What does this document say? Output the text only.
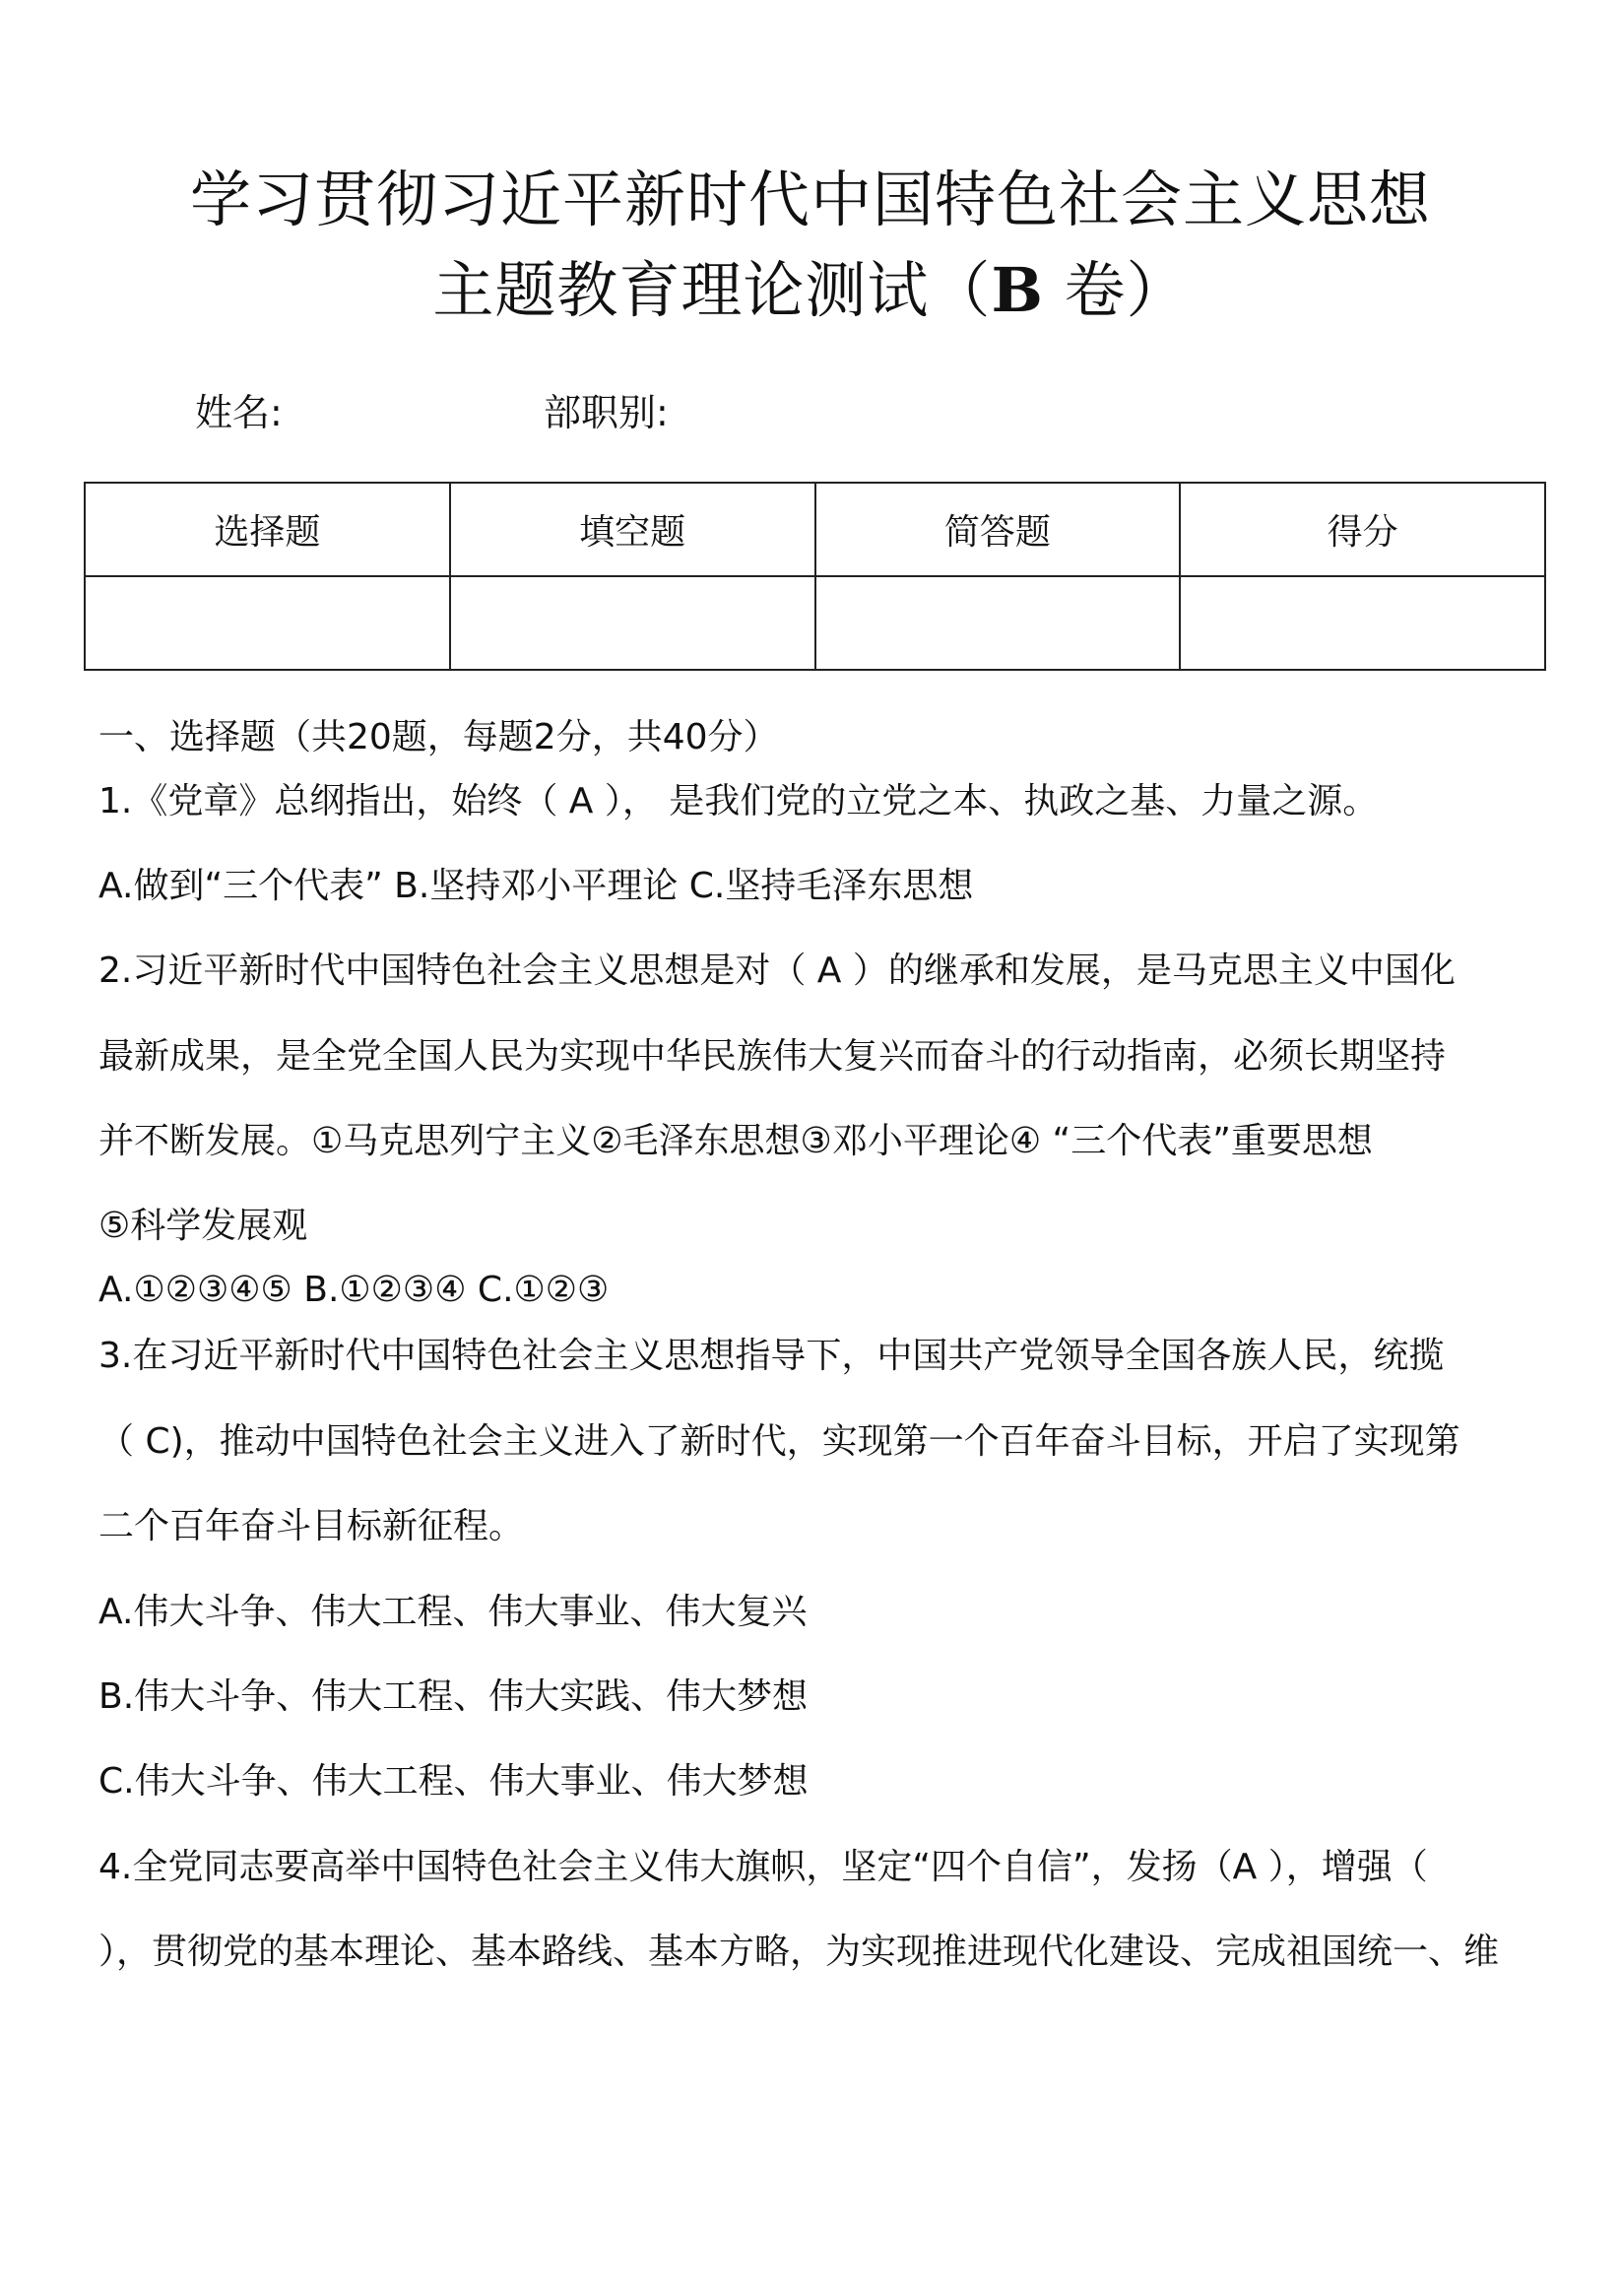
学习贯彻习近平新时代中国特色社会主义思想
主题教育理论测试（B 卷）
姓名:	部职别:
选择题	填空题	简答题	得分

一、选择题（共20题，每题2分，共40分）
1.《党章》总纲指出，始终（ A ）， 是我们党的立党之本、执政之基、力量之源。
A.做到“三个代表” B.坚持邓小平理论 C.坚持毛泽东思想
2.习近平新时代中国特色社会主义思想是对（ A ）的继承和发展，是马克思主义中国化
最新成果，是全党全国人民为实现中华民族伟大复兴而奋斗的行动指南，必须长期坚持
并不断发展。①马克思列宁主义②毛泽东思想③邓小平理论④ “三个代表”重要思想
⑤科学发展观
A.①②③④⑤ B.①②③④ C.①②③
3.在习近平新时代中国特色社会主义思想指导下，中国共产党领导全国各族人民，统揽
（ C)，推动中国特色社会主义进入了新时代，实现第一个百年奋斗目标，开启了实现第
二个百年奋斗目标新征程。
A.伟大斗争、伟大工程、伟大事业、伟大复兴
B.伟大斗争、伟大工程、伟大实践、伟大梦想
C.伟大斗争、伟大工程、伟大事业、伟大梦想
4.全党同志要高举中国特色社会主义伟大旗帜，坚定“四个自信”，发扬（A ），增强（
），贯彻党的基本理论、基本路线、基本方略，为实现推进现代化建设、完成祖国统一、维
